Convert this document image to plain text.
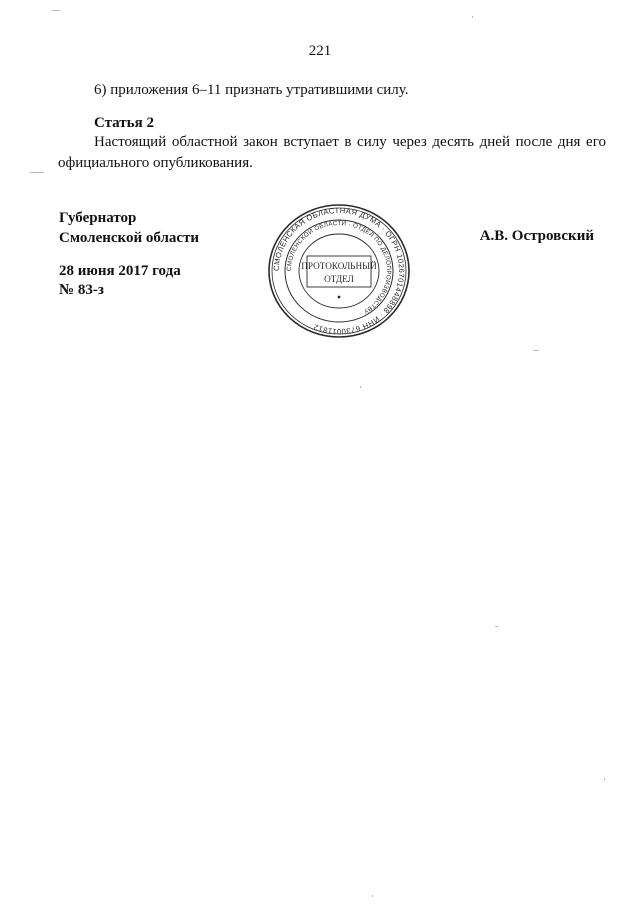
221
6) приложения 6–11 признать утратившими силу.
Статья 2
Настоящий областной закон вступает в силу через десять дней после дня его официального опубликования.
Губернатор
Смоленской области
28 июня 2017 года
№ 83-з
А.В. Островский
СМОЛЕНСКАЯ ОБЛАСТНАЯ ДУМА · ОГРН 1026701448898 · ИНН 6730011812
СМОЛЕНСКОЙ ОБЛАСТИ · ОТДЕЛ ПО ДЕЛОПРОИЗВОДСТВУ
ПРОТОКОЛЬНЫЙ
ОТДЕЛ
